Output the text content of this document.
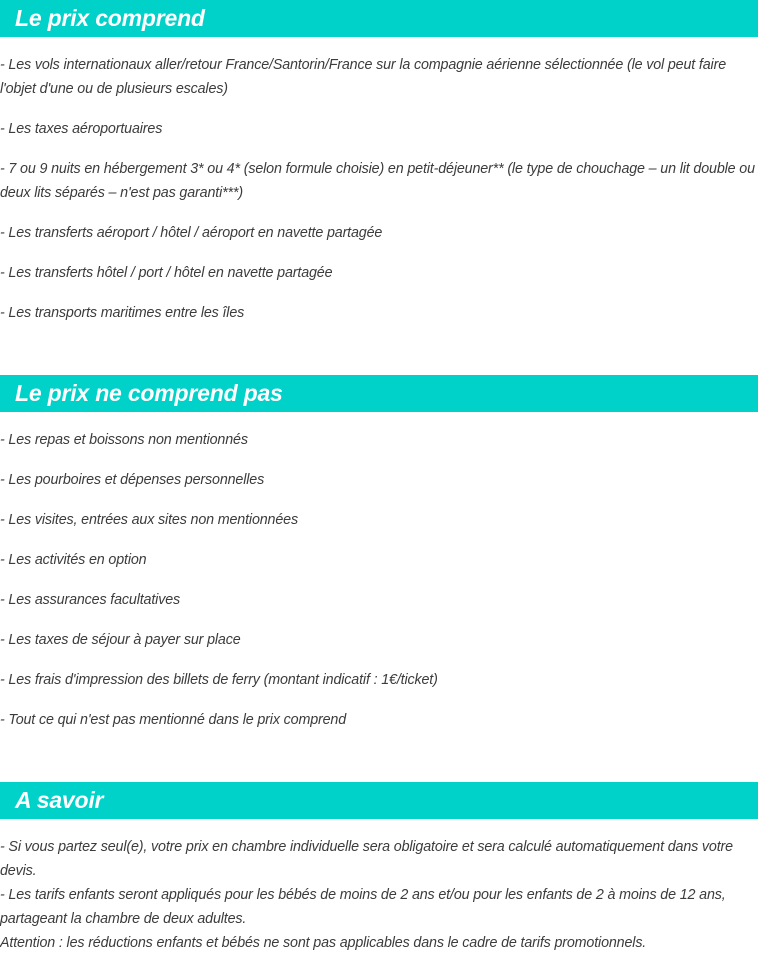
Le prix comprend

- Les vols internationaux aller/retour France/Santorin/France sur la compagnie aérienne sélectionnée (le vol peut faire l'objet d'une ou de plusieurs escales)

- Les taxes aéroportuaires

- 7 ou 9 nuits en hébergement 3* ou 4* (selon formule choisie) en petit-déjeuner** (le type de chouchage – un lit double ou deux lits séparés – n'est pas garanti***)

- Les transferts aéroport / hôtel / aéroport en navette partagée

- Les transferts hôtel / port / hôtel en navette partagée

- Les transports maritimes entre les îles

Le prix ne comprend pas

- Les repas et boissons non mentionnés

- Les pourboires et dépenses personnelles

- Les visites, entrées aux sites non mentionnées

- Les activités en option

- Les assurances facultatives

- Les taxes de séjour à payer sur place

- Les frais d'impression des billets de ferry (montant indicatif : 1€/ticket)

- Tout ce qui n'est pas mentionné dans le prix comprend

A savoir

- Si vous partez seul(e), votre prix en chambre individuelle sera obligatoire et sera calculé automatiquement dans votre devis.

- Les tarifs enfants seront appliqués pour les bébés de moins de 2 ans et/ou pour les enfants de 2 à moins de 12 ans, partageant la chambre de deux adultes.

Attention : les réductions enfants et bébés ne sont pas applicables dans le cadre de tarifs promotionnels.
